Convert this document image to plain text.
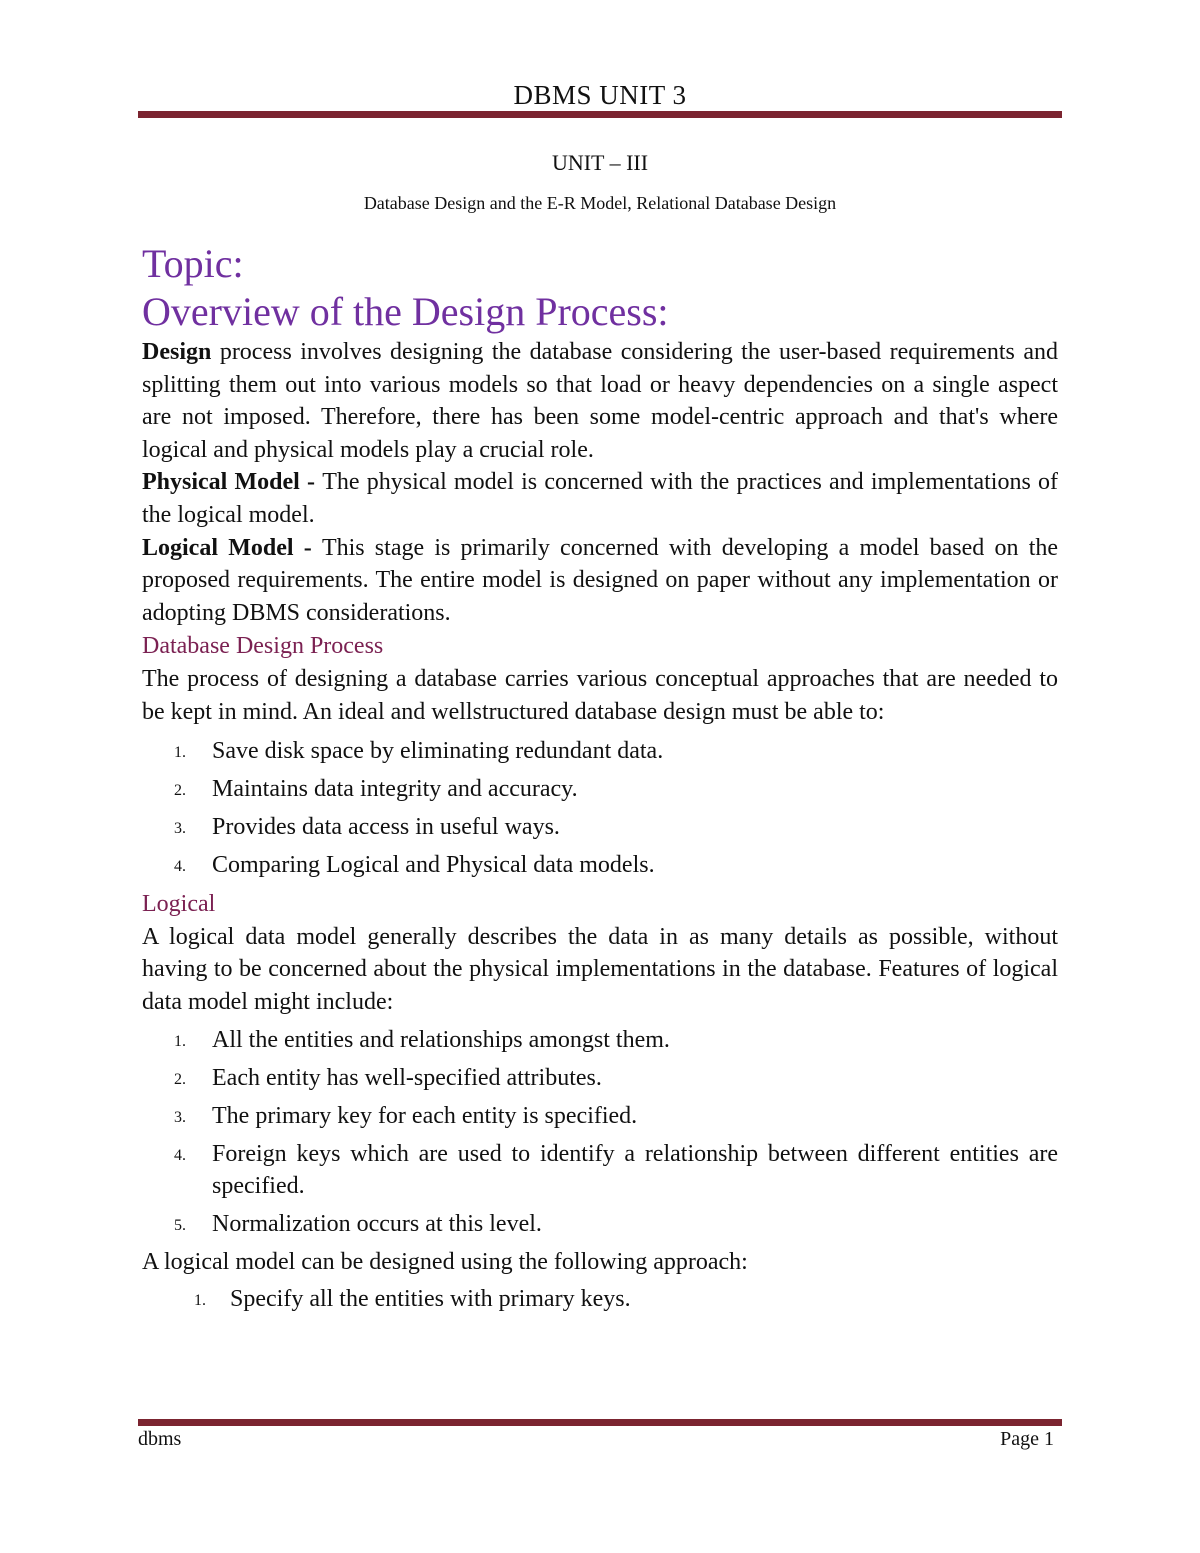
DBMS UNIT 3
UNIT – III
Database Design and the E-R Model, Relational Database Design
Topic:
Overview of the Design Process:

Design process involves designing the database considering the user-based requirements and splitting them out into various models so that load or heavy dependencies on a single aspect are not imposed. Therefore, there has been some model-centric approach and that's where logical and physical models play a crucial role.

Physical Model - The physical model is concerned with the practices and implementations of the logical model.

Logical Model - This stage is primarily concerned with developing a model based on the proposed requirements. The entire model is designed on paper without any implementation or adopting DBMS considerations.

Database Design Process

The process of designing a database carries various conceptual approaches that are needed to be kept in mind. An ideal and wellstructured database design must be able to:

1. Save disk space by eliminating redundant data.
2. Maintains data integrity and accuracy.
3. Provides data access in useful ways.
4. Comparing Logical and Physical data models.
Logical

A logical data model generally describes the data in as many details as possible, without having to be concerned about the physical implementations in the database. Features of logical data model might include:

1. All the entities and relationships amongst them.
2. Each entity has well-specified attributes.
3. The primary key for each entity is specified.
4. Foreign keys which are used to identify a relationship between different entities are specified.
5. Normalization occurs at this level.

A logical model can be designed using the following approach:

1. Specify all the entities with primary keys.
dbms	Page 1
